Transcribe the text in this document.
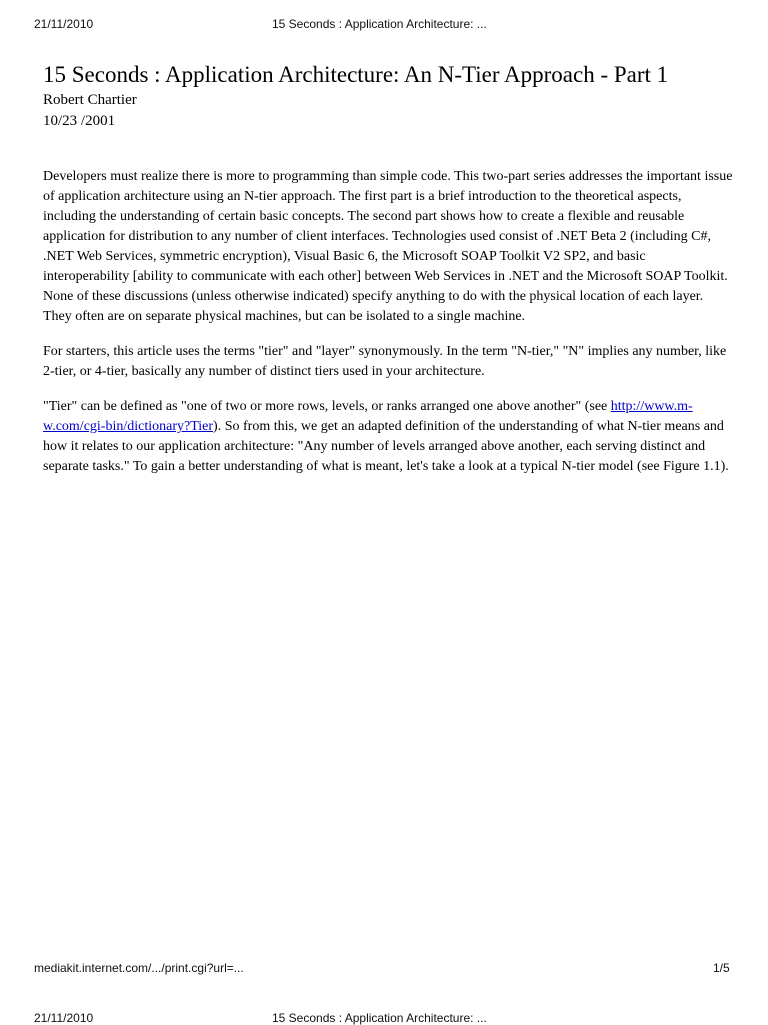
21/11/2010	15 Seconds : Application Architecture: ...
15 Seconds : Application Architecture: An N-Tier Approach - Part 1
Robert Chartier
10/23 /2001

Developers must realize there is more to programming than simple code. This two-part series addresses the important issue of application architecture using an N-tier approach. The first part is a brief introduction to the theoretical aspects, including the understanding of certain basic concepts. The second part shows how to create a flexible and reusable application for distribution to any number of client interfaces. Technologies used consist of .NET Beta 2 (including C#, .NET Web Services, symmetric encryption), Visual Basic 6, the Microsoft SOAP Toolkit V2 SP2, and basic interoperability [ability to communicate with each other] between Web Services in .NET and the Microsoft SOAP Toolkit. None of these discussions (unless otherwise indicated) specify anything to do with the physical location of each layer. They often are on separate physical machines, but can be isolated to a single machine.

For starters, this article uses the terms "tier" and "layer" synonymously. In the term "N-tier," "N" implies any number, like 2-tier, or 4-tier, basically any number of distinct tiers used in your architecture.

"Tier" can be defined as "one of two or more rows, levels, or ranks arranged one above another" (see http://www.m-w.com/cgi-bin/dictionary?Tier). So from this, we get an adapted definition of the understanding of what N-tier means and how it relates to our application architecture: "Any number of levels arranged above another, each serving distinct and separate tasks." To gain a better understanding of what is meant, let's take a look at a typical N-tier model (see Figure 1.1).

mediakit.internet.com/.../print.cgi?url=...	1/5
21/11/2010	15 Seconds : Application Architecture: ...
